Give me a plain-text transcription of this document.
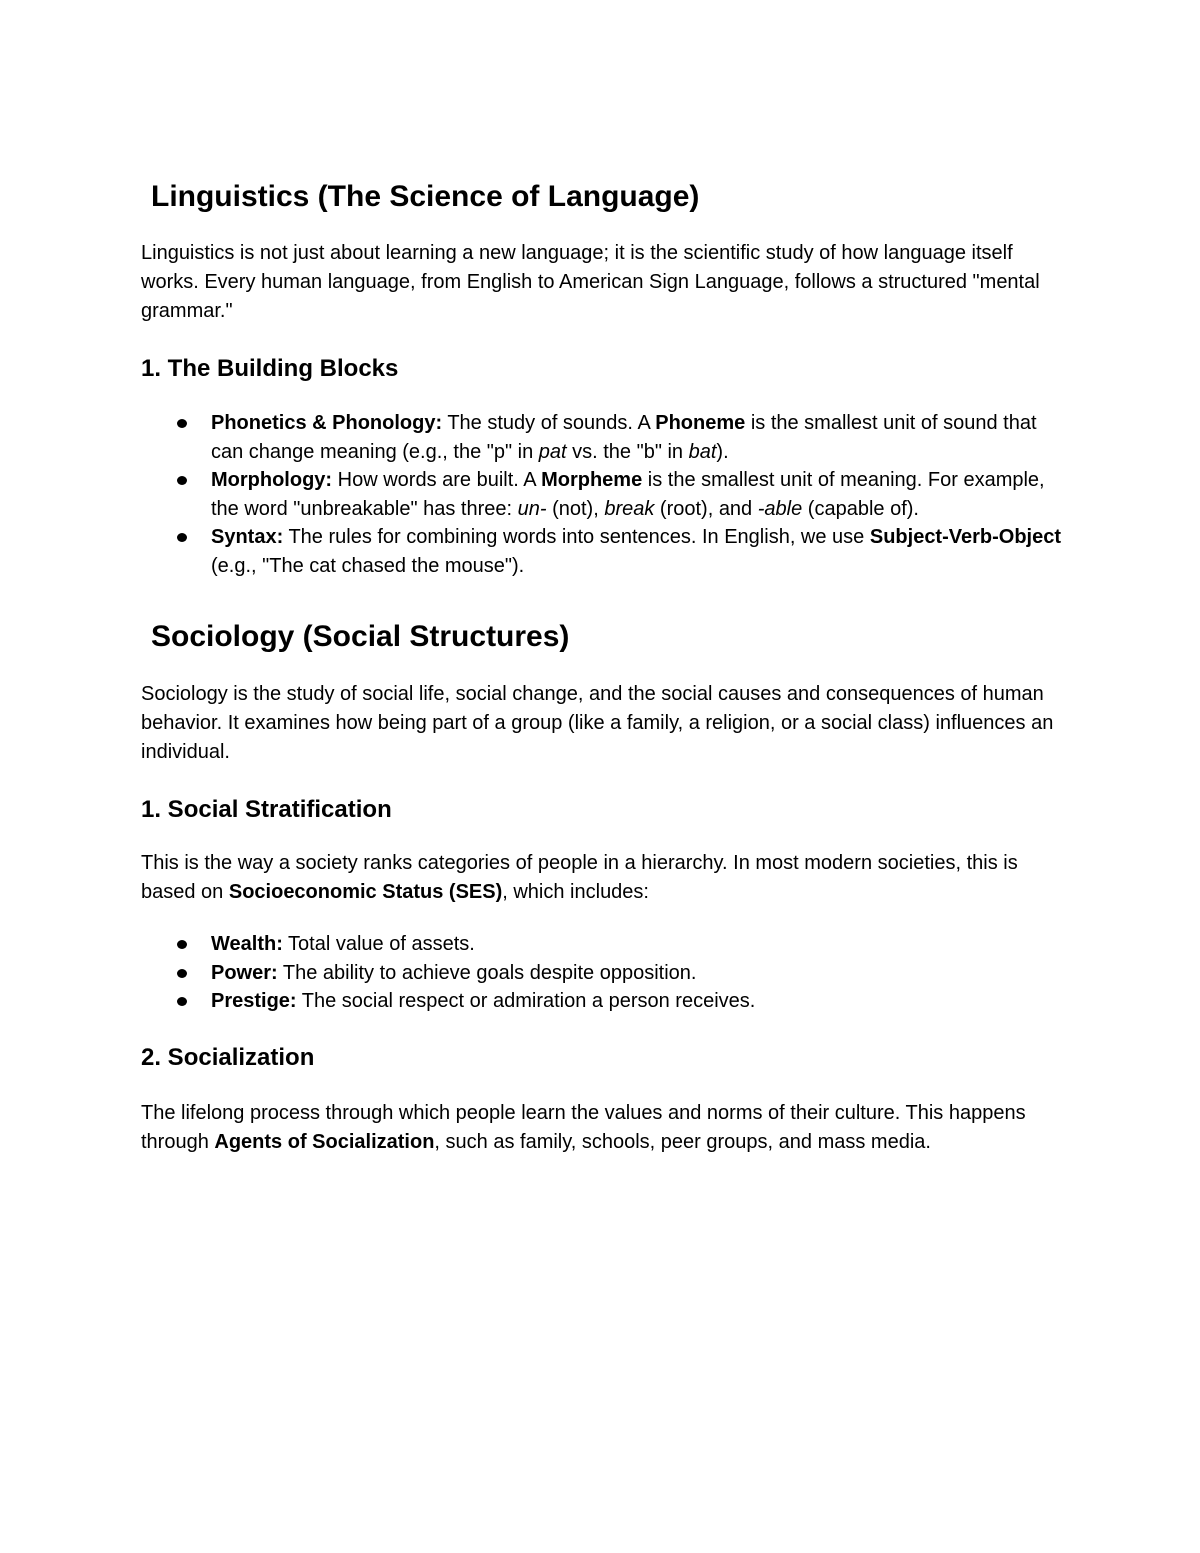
Linguistics (The Science of Language)

Linguistics is not just about learning a new language; it is the scientific study of how language itself works. Every human language, from English to American Sign Language, follows a structured "mental grammar."

1. The Building Blocks
Phonetics & Phonology: The study of sounds. A Phoneme is the smallest unit of sound that can change meaning (e.g., the "p" in pat vs. the "b" in bat).
Morphology: How words are built. A Morpheme is the smallest unit of meaning. For example, the word "unbreakable" has three: un- (not), break (root), and -able (capable of).
Syntax: The rules for combining words into sentences. In English, we use Subject-Verb-Object (e.g., "The cat chased the mouse").
Sociology (Social Structures)

Sociology is the study of social life, social change, and the social causes and consequences of human behavior. It examines how being part of a group (like a family, a religion, or a social class) influences an individual.

1. Social Stratification

This is the way a society ranks categories of people in a hierarchy. In most modern societies, this is based on Socioeconomic Status (SES), which includes:

Wealth: Total value of assets.
Power: The ability to achieve goals despite opposition.
Prestige: The social respect or admiration a person receives.
2. Socialization

The lifelong process through which people learn the values and norms of their culture. This happens through Agents of Socialization, such as family, schools, peer groups, and mass media.
